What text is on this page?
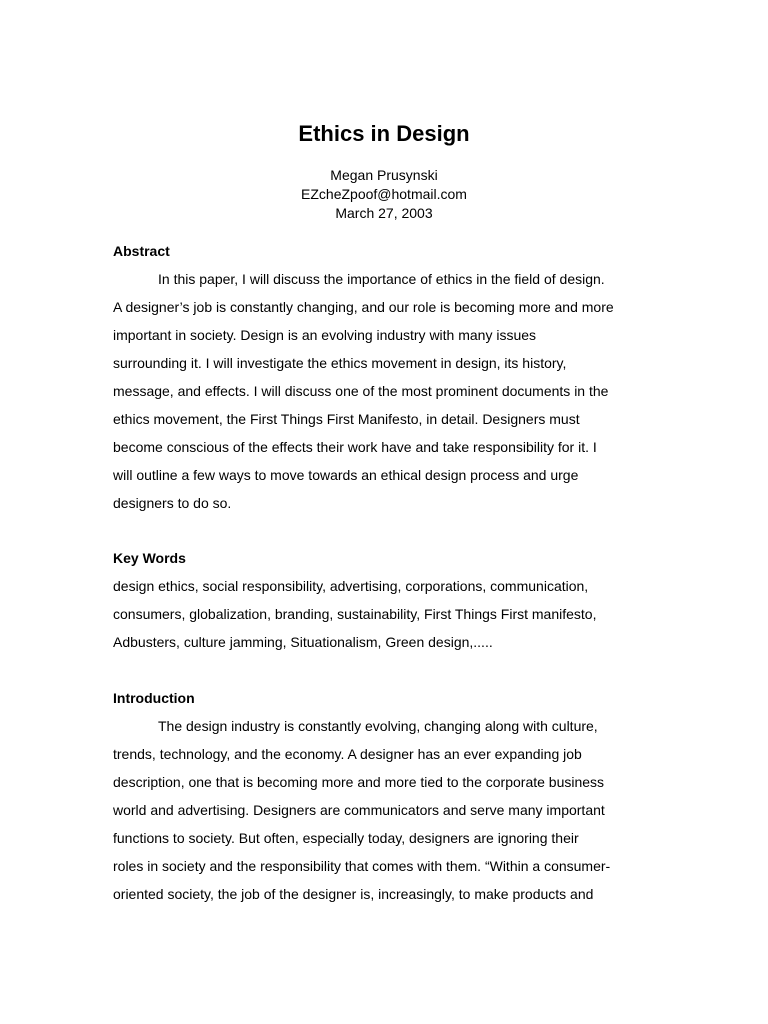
Ethics in Design
Megan Prusynski
EZcheZpoof@hotmail.com
March 27, 2003
Abstract
In this paper, I will discuss the importance of ethics in the field of design.
A designer’s job is constantly changing, and our role is becoming more and more
important in society. Design is an evolving industry with many issues
surrounding it. I will investigate the ethics movement in design, its history,
message, and effects. I will discuss one of the most prominent documents in the
ethics movement, the First Things First Manifesto, in detail. Designers must
become conscious of the effects their work have and take responsibility for it. I
will outline a few ways to move towards an ethical design process and urge
designers to do so.
Key Words
design ethics, social responsibility, advertising, corporations, communication,
consumers, globalization, branding, sustainability, First Things First manifesto,
Adbusters, culture jamming, Situationalism, Green design,.....
Introduction
The design industry is constantly evolving, changing along with culture,
trends, technology, and the economy. A designer has an ever expanding job
description, one that is becoming more and more tied to the corporate business
world and advertising. Designers are communicators and serve many important
functions to society. But often, especially today, designers are ignoring their
roles in society and the responsibility that comes with them. “Within a consumer-
oriented society, the job of the designer is, increasingly, to make products and
